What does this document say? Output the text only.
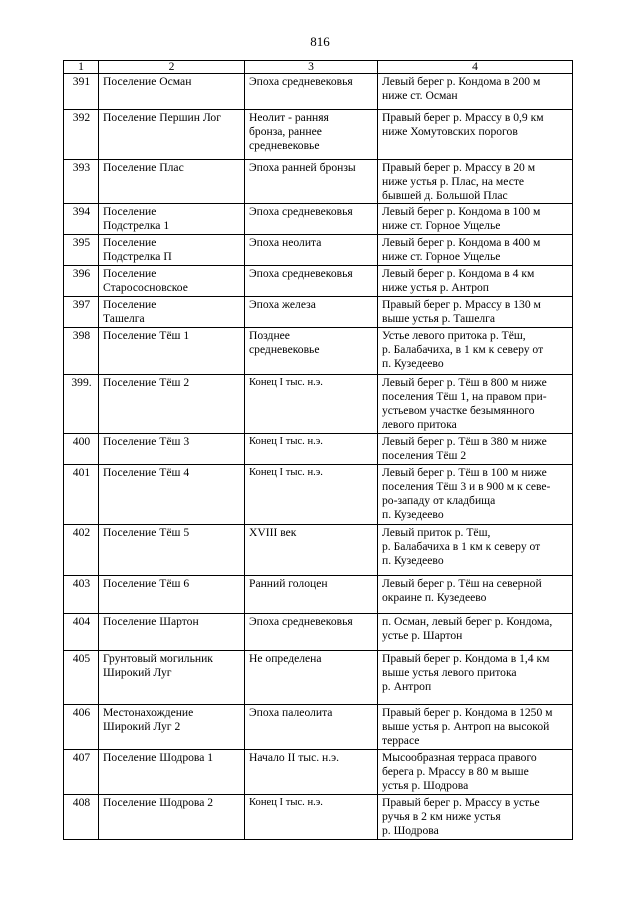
816
1	2	3	4
391	Поселение Осман	Эпоха средневековья	Левый берег р. Кондома в 200 м
ниже ст. Осман

392	Поселение Першин Лог	Неолит - ранняя
бронза, раннее
средневековье	Правый берег р. Мрассу в 0,9 км
ниже Хомутовских порогов

393	Поселение Плас	Эпоха ранней бронзы	Правый берег р. Мрассу в 20 м
ниже устья р. Плас, на месте
бывшей д. Большой Плас

394	Поселение
Подстрелка 1	Эпоха средневековья	Левый берег р. Кондома в 100 м
ниже ст. Горное Ущелье

395	Поселение
Подстрелка П	Эпоха неолита	Левый берег р. Кондома в 400 м
ниже ст. Горное Ущелье

396	Поселение
Старососновское	Эпоха средневековья	Левый берег р. Кондома в 4 км
ниже устья р. Антроп

397	Поселение
Ташелга	Эпоха железа	Правый берег р. Мрассу в 130 м
выше устья р. Ташелга

398	Поселение Тёш 1	Позднее
средневековье	Устье левого притока р. Тёш,
р. Балабачиха, в 1 км к северу от
п. Кузедеево

399.	Поселение Тёш 2	Конец I тыс. н.э.	Левый берег р. Тёш в 800 м ниже
поселения Тёш 1, на правом при-
устьевом участке безымянного
левого притока

400	Поселение Тёш 3	Конец I тыс. н.э.	Левый берег р. Тёш в 380 м ниже
поселения Тёш 2

401	Поселение Тёш 4	Конец I тыс. н.э.	Левый берег р. Тёш в 100 м ниже
поселения Тёш 3 и в 900 м к севе-
ро-западу от кладбища
п. Кузедеево

402	Поселение Тёш 5	XVIII век	Левый приток р. Тёш,
р. Балабачиха в 1 км к северу от
п. Кузедеево

403	Поселение Тёш 6	Ранний голоцен	Левый берег р. Тёш на северной
окраине п. Кузедеево

404	Поселение Шартон	Эпоха средневековья	п. Осман, левый берег р. Кондома,
устье р. Шартон

405	Грунтовый могильник
Широкий Луг	Не определена	Правый берег р. Кондома в 1,4 км
выше устья левого притока
р. Антроп

406	Местонахождение
Широкий Луг 2	Эпоха палеолита	Правый берег р. Кондома в 1250 м
выше устья р. Антроп на высокой
террасе

407	Поселение Шодрова 1	Начало II тыс. н.э.	Мысообразная терраса правого
берега р. Мрассу в 80 м выше
устья р. Шодрова

408	Поселение Шодрова 2	Конец I тыс. н.э.	Правый берег р. Мрассу в устье
ручья в 2 км ниже устья
р. Шодрова
